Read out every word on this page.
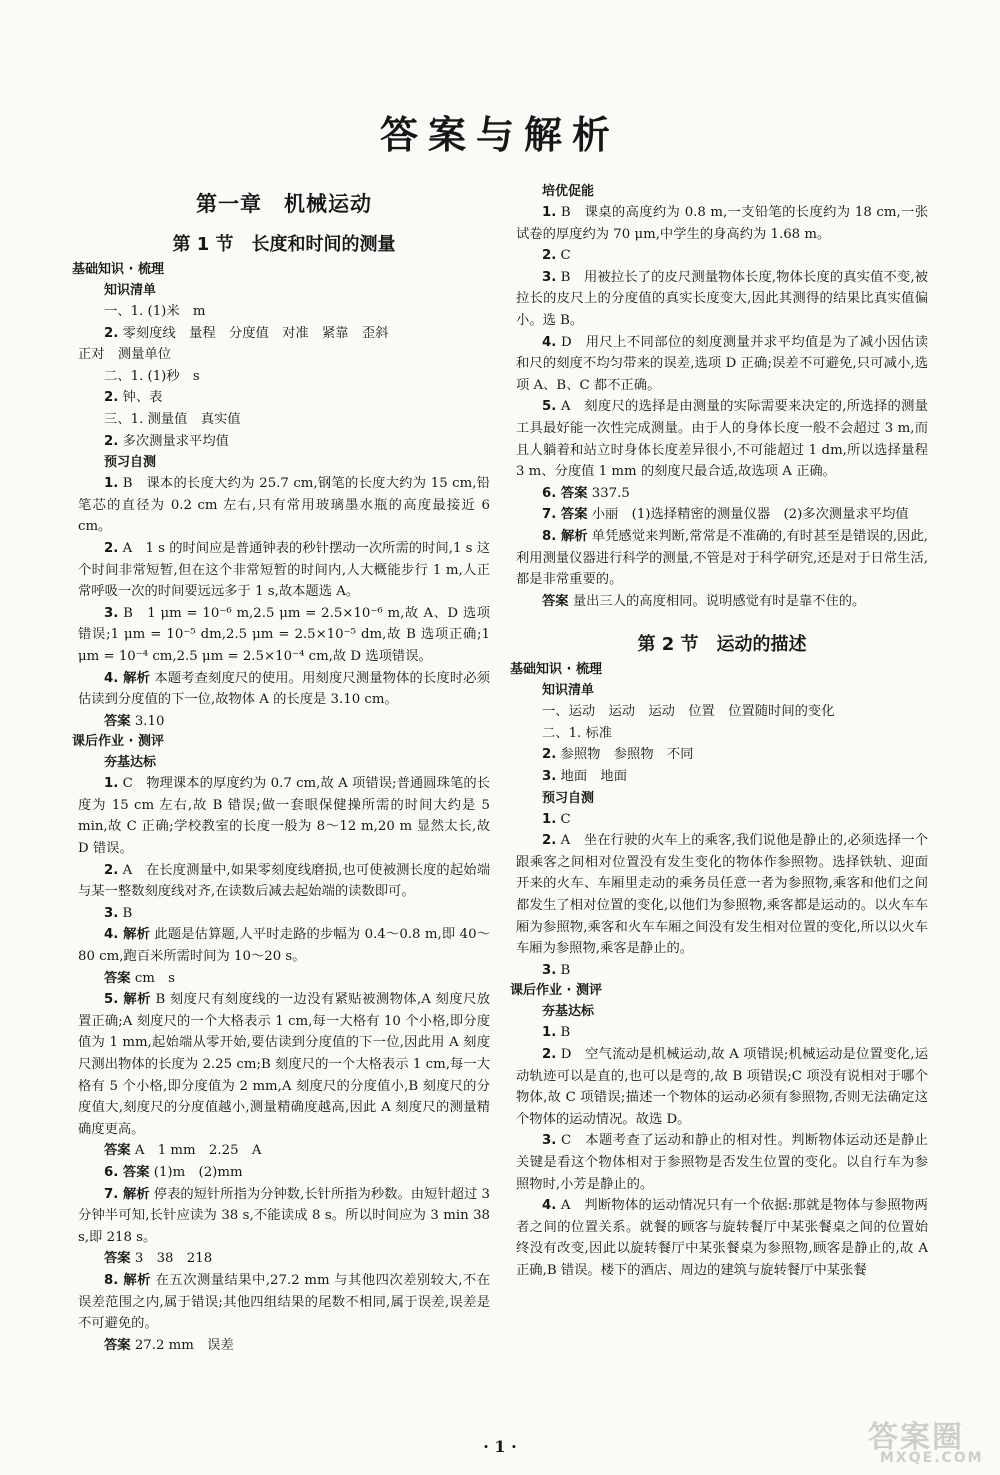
答案与解析
第一章　机械运动
第 1 节　长度和时间的测量
基础知识 · 梳理
知识清单

一、1. (1)米　m

2. 零刻度线　量程　分度值　对准　紧靠　歪斜

正对　测量单位

二、1. (1)秒　s

2. 钟、表

三、1. 测量值　真实值

2. 多次测量求平均值

预习自测

1. B　课本的长度大约为 25.7 cm,钢笔的长度大约为 15 cm,铅笔芯的直径为 0.2 cm 左右,只有常用玻璃墨水瓶的高度最接近 6 cm。

2. A　1 s 的时间应是普通钟表的秒针摆动一次所需的时间,1 s 这个时间非常短暂,但在这个非常短暂的时间内,人大概能步行 1 m,人正常呼吸一次的时间要远远多于 1 s,故本题选 A。

3. B　1 μm = 10⁻⁶ m,2.5 μm = 2.5×10⁻⁶ m,故 A、D 选项错误;1 μm = 10⁻⁵ dm,2.5 μm = 2.5×10⁻⁵ dm,故 B 选项正确;1 μm = 10⁻⁴ cm,2.5 μm = 2.5×10⁻⁴ cm,故 D 选项错误。

4. 解析 本题考查刻度尺的使用。用刻度尺测量物体的长度时必须估读到分度值的下一位,故物体 A 的长度是 3.10 cm。

答案 3.10

课后作业 · 测评
夯基达标

1. C　物理课本的厚度约为 0.7 cm,故 A 项错误;普通圆珠笔的长度为 15 cm 左右,故 B 错误;做一套眼保健操所需的时间大约是 5 min,故 C 正确;学校教室的长度一般为 8～12 m,20 m 显然太长,故 D 错误。

2. A　在长度测量中,如果零刻度线磨损,也可使被测长度的起始端与某一整数刻度线对齐,在读数后减去起始端的读数即可。

3. B

4. 解析 此题是估算题,人平时走路的步幅为 0.4～0.8 m,即 40～80 cm,跑百米所需时间为 10～20 s。

答案 cm　s

5. 解析 B 刻度尺有刻度线的一边没有紧贴被测物体,A 刻度尺放置正确;A 刻度尺的一个大格表示 1 cm,每一大格有 10 个小格,即分度值为 1 mm,起始端从零开始,要估读到分度值的下一位,因此用 A 刻度尺测出物体的长度为 2.25 cm;B 刻度尺的一个大格表示 1 cm,每一大格有 5 个小格,即分度值为 2 mm,A 刻度尺的分度值小,B 刻度尺的分度值大,刻度尺的分度值越小,测量精确度越高,因此 A 刻度尺的测量精确度更高。

答案 A　1 mm　2.25　A

6. 答案 (1)m　(2)mm

7. 解析 停表的短针所指为分钟数,长针所指为秒数。由短针超过 3 分钟半可知,长针应读为 38 s,不能读成 8 s。所以时间应为 3 min 38 s,即 218 s。

答案 3　38　218

8. 解析 在五次测量结果中,27.2 mm 与其他四次差别较大,不在误差范围之内,属于错误;其他四组结果的尾数不相同,属于误差,误差是不可避免的。

答案 27.2 mm　误差

培优促能

1. B　课桌的高度约为 0.8 m,一支铅笔的长度约为 18 cm,一张试卷的厚度约为 70 μm,中学生的身高约为 1.68 m。

2. C

3. B　用被拉长了的皮尺测量物体长度,物体长度的真实值不变,被拉长的皮尺上的分度值的真实长度变大,因此其测得的结果比真实值偏小。选 B。

4. D　用尺上不同部位的刻度测量并求平均值是为了减小因估读和尺的刻度不均匀带来的误差,选项 D 正确;误差不可避免,只可减小,选项 A、B、C 都不正确。

5. A　刻度尺的选择是由测量的实际需要来决定的,所选择的测量工具最好能一次性完成测量。由于人的身体长度一般不会超过 3 m,而且人躺着和站立时身体长度差异很小,不可能超过 1 dm,所以选择量程 3 m、分度值 1 mm 的刻度尺最合适,故选项 A 正确。

6. 答案 337.5

7. 答案 小丽　(1)选择精密的测量仪器　(2)多次测量求平均值

8. 解析 单凭感觉来判断,常常是不准确的,有时甚至是错误的,因此,利用测量仪器进行科学的测量,不管是对于科学研究,还是对于日常生活,都是非常重要的。

答案 量出三人的高度相同。说明感觉有时是靠不住的。

第 2 节　运动的描述
基础知识 · 梳理
知识清单

一、运动　运动　运动　位置　位置随时间的变化

二、1. 标准

2. 参照物　参照物　不同

3. 地面　地面

预习自测

1. C

2. A　坐在行驶的火车上的乘客,我们说他是静止的,必须选择一个跟乘客之间相对位置没有发生变化的物体作参照物。选择铁轨、迎面开来的火车、车厢里走动的乘务员任意一者为参照物,乘客和他们之间都发生了相对位置的变化,以他们为参照物,乘客都是运动的。以火车车厢为参照物,乘客和火车车厢之间没有发生相对位置的变化,所以以火车车厢为参照物,乘客是静止的。

3. B

课后作业 · 测评
夯基达标

1. B

2. D　空气流动是机械运动,故 A 项错误;机械运动是位置变化,运动轨迹可以是直的,也可以是弯的,故 B 项错误;C 项没有说相对于哪个物体,故 C 项错误;描述一个物体的运动必须有参照物,否则无法确定这个物体的运动情况。故选 D。

3. C　本题考查了运动和静止的相对性。判断物体运动还是静止关键是看这个物体相对于参照物是否发生位置的变化。以自行车为参照物时,小芳是静止的。

4. A　判断物体的运动情况只有一个依据:那就是物体与参照物两者之间的位置关系。就餐的顾客与旋转餐厅中某张餐桌之间的位置始终没有改变,因此以旋转餐厅中某张餐桌为参照物,顾客是静止的,故 A 正确,B 错误。楼下的酒店、周边的建筑与旋转餐厅中某张餐

· 1 ·	答案圈
MXQE.COM
